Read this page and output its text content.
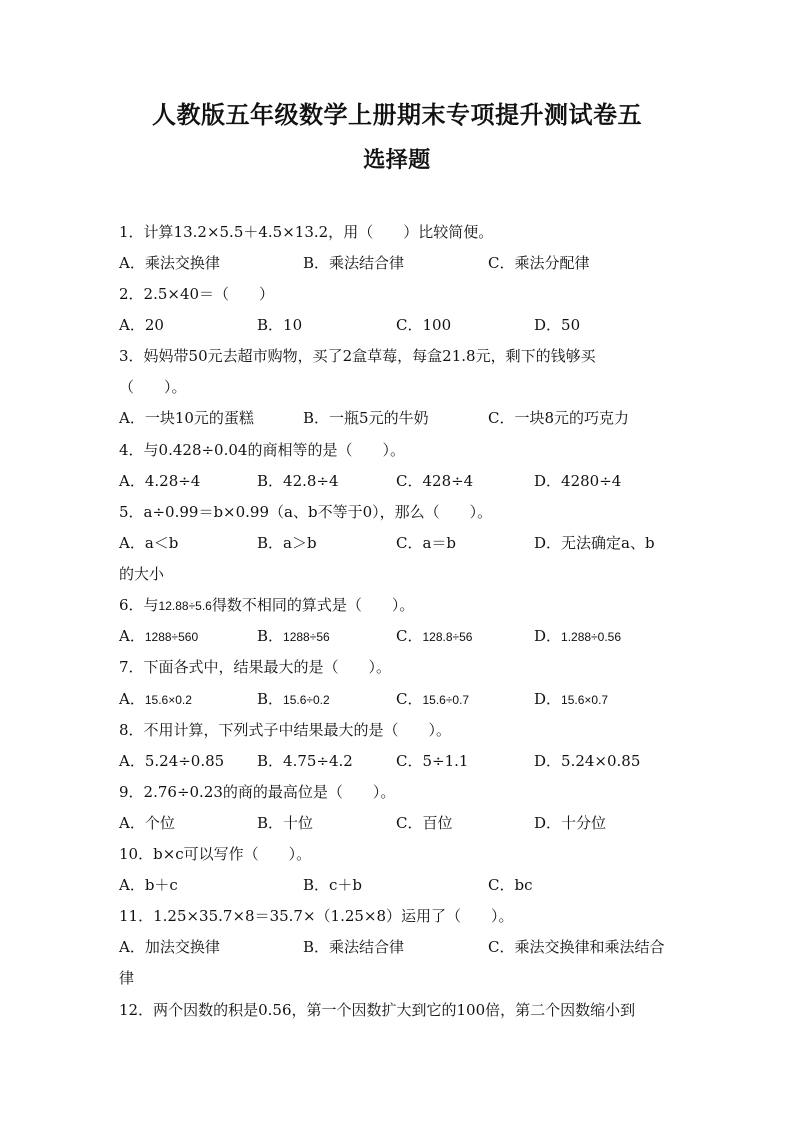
人教版五年级数学上册期末专项提升测试卷五
选择题
1．计算13.2×5.5＋4.5×13.2，用（　　）比较简便。
A．乘法交换律	B．乘法结合律	C．乘法分配律
2．2.5×40＝（　　）
A．20	B．10	C．100	D．50
3．妈妈带50元去超市购物，买了2盒草莓，每盒21.8元，剩下的钱够买
（　　）。
A．一块10元的蛋糕	B．一瓶5元的牛奶	C．一块8元的巧克力
4．与0.428÷0.04的商相等的是（　　）。
A．4.28÷4	B．42.8÷4	C．428÷4	D．4280÷4
5．a÷0.99＝b×0.99（a、b不等于0），那么（　　）。
A．a＜b	B．a＞b	C．a＝b	D．无法确定a、b
的大小
6．与12.88÷5.6得数不相同的算式是（　　）。
A．1288÷560	B．1288÷56	C．128.8÷56	D．1.288÷0.56
7．下面各式中，结果最大的是（　　）。
A．15.6×0.2	B．15.6÷0.2	C．15.6÷0.7	D．15.6×0.7
8．不用计算，下列式子中结果最大的是（　　）。
A．5.24÷0.85 B．4.75÷4.2	C．5÷1.1	D．5.24×0.85
9．2.76÷0.23的商的最高位是（　　）。
A．个位	B．十位	C．百位	D．十分位
10．b×c可以写作（　　）。
A．b＋c	B．c＋b	C．bc
11．1.25×35.7×8＝35.7×（1.25×8）运用了（　　）。
A．加法交换律	B．乘法结合律	C．乘法交换律和乘法结合
律
12．两个因数的积是0.56，第一个因数扩大到它的100倍，第二个因数缩小到
